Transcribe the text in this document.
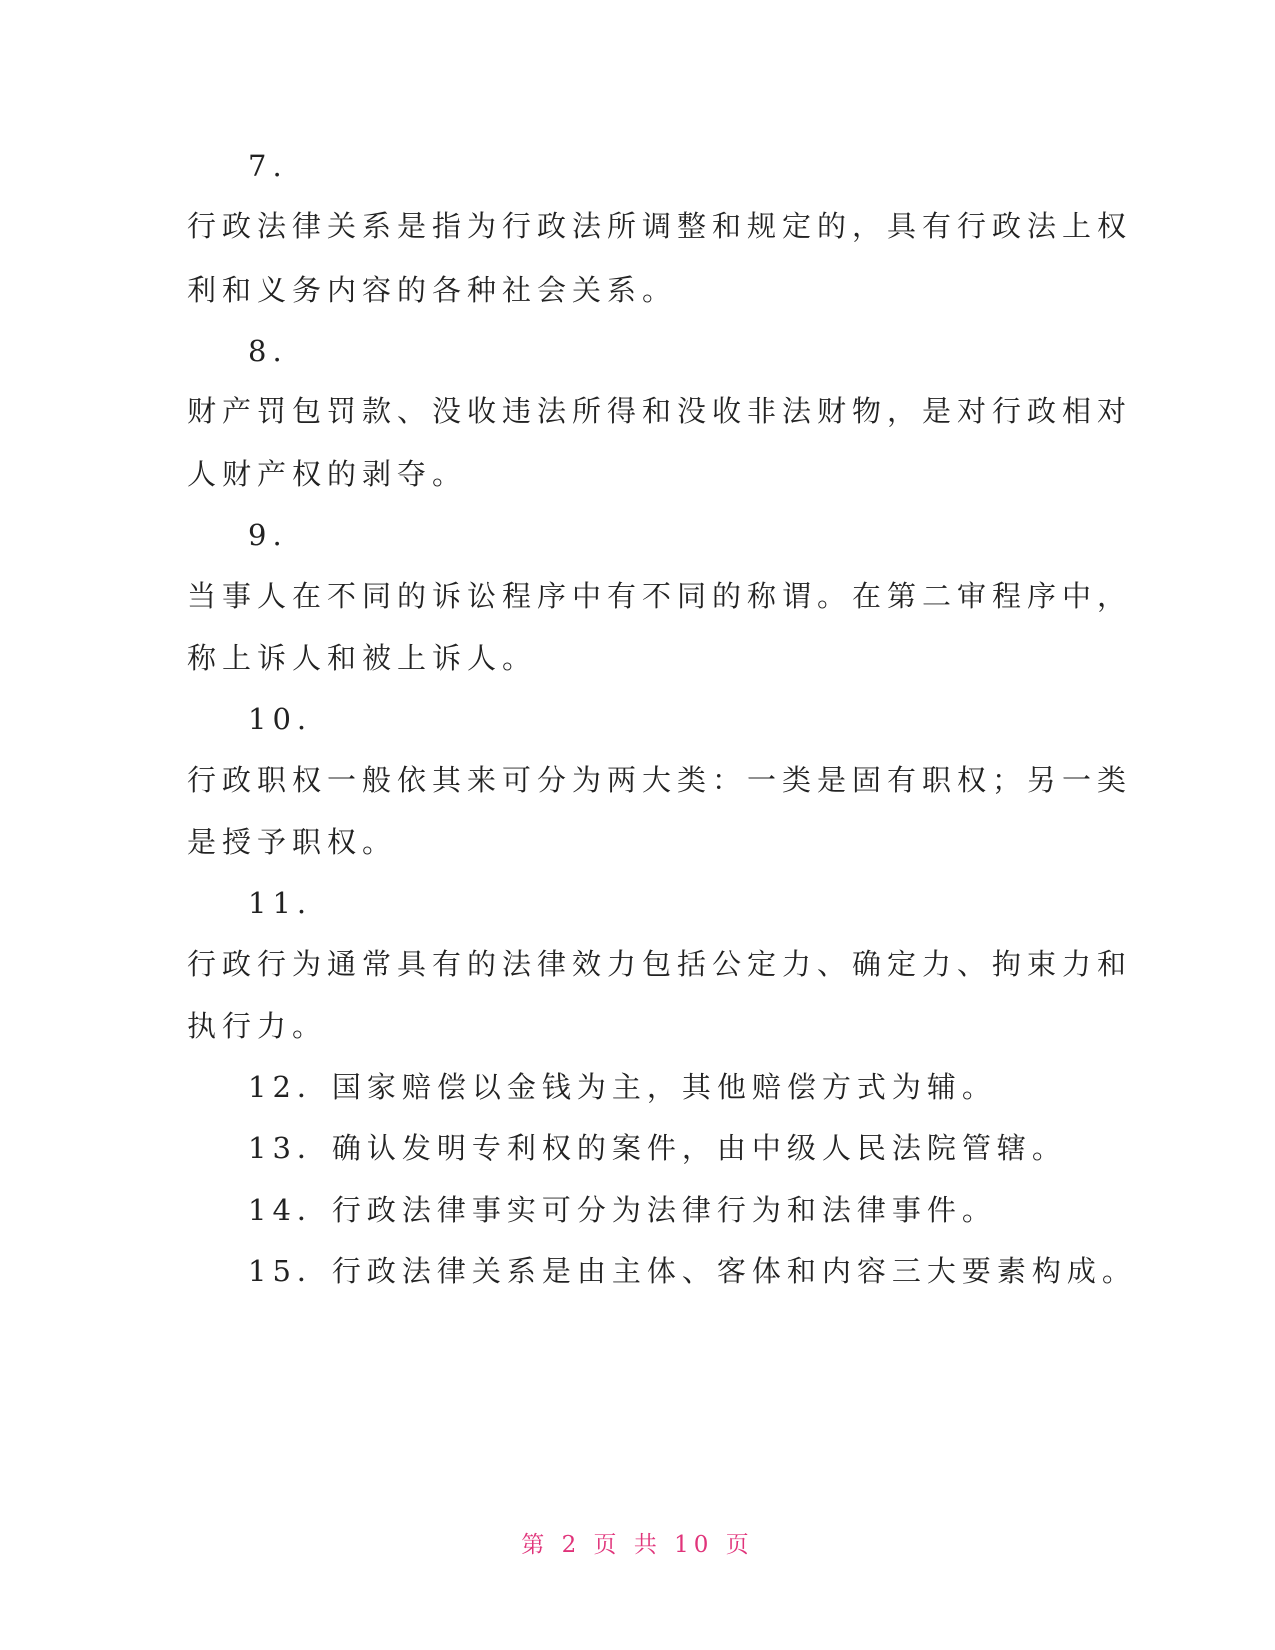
7.
行政法律关系是指为行政法所调整和规定的，具有行政法上权
利和义务内容的各种社会关系。
8.
财产罚包罚款、没收违法所得和没收非法财物，是对行政相对
人财产权的剥夺。
9.
当事人在不同的诉讼程序中有不同的称谓。在第二审程序中，
称上诉人和被上诉人。
10.
行政职权一般依其来可分为两大类：一类是固有职权；另一类
是授予职权。
11.
行政行为通常具有的法律效力包括公定力、确定力、拘束力和
执行力。
12．国家赔偿以金钱为主，其他赔偿方式为辅。
13．确认发明专利权的案件，由中级人民法院管辖。
14．行政法律事实可分为法律行为和法律事件。
15．行政法律关系是由主体、客体和内容三大要素构成。
第 2 页 共 10 页
